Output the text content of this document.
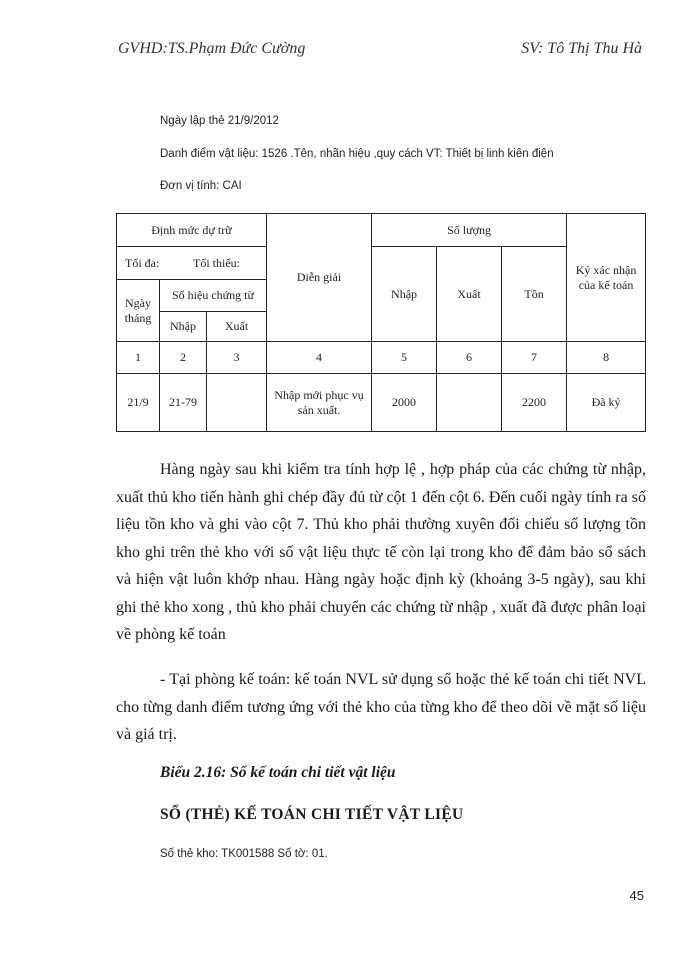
GVHD:TS.Phạm Đức Cường	SV: Tô Thị Thu Hà
Ngày lập thẻ 21/9/2012
Danh điểm vật liệu: 1526 .Tên, nhãn hiệu ,quy cách VT: Thiết bị linh kiên điện
Đơn vị tính: CAI
Định mức dự trữ			Diễn giải	Số lượng			Ký xác nhận của kế toán
Tối đa: Tối thiểu:				Nhập	Xuất	Tồn	
Ngày tháng	Số hiệu chứng từ						
	Nhập	Xuất					

1	2	3	4	5	6	7	8
21/9	21-79		Nhập mới phục vụ sản xuất.	2000		2200	Đã ký

Hàng ngày sau khi kiểm tra tính hợp lệ , hợp pháp của các chứng từ nhập, xuất thủ kho tiến hành ghi chép đầy đủ từ cột 1 đến cột 6. Đến cuối ngày tính ra số liệu tồn kho và ghi vào cột 7. Thủ kho phải thường xuyên đối chiếu số lượng tồn kho ghi trên thẻ kho với số vật liệu thực tế còn lại trong kho để đảm bảo sổ sách và hiện vật luôn khớp nhau. Hàng ngày hoặc định kỳ (khoảng 3-5 ngày), sau khi ghi thẻ kho xong , thủ kho phải chuyển các chứng từ nhập , xuất đã được phân loại về phòng kế toán

- Tại phòng kế toán: kế toán NVL sử dụng sổ hoặc thẻ kế toán chi tiết NVL cho từng danh điểm tương ứng với thẻ kho của từng kho để theo dõi về mặt số liệu và giá trị.

Biểu 2.16: Sổ kế toán chi tiết vật liệu
SỔ (THẺ) KẾ TOÁN CHI TIẾT VẬT LIỆU
Số thẻ kho: TK001588 Số tờ: 01.
45
